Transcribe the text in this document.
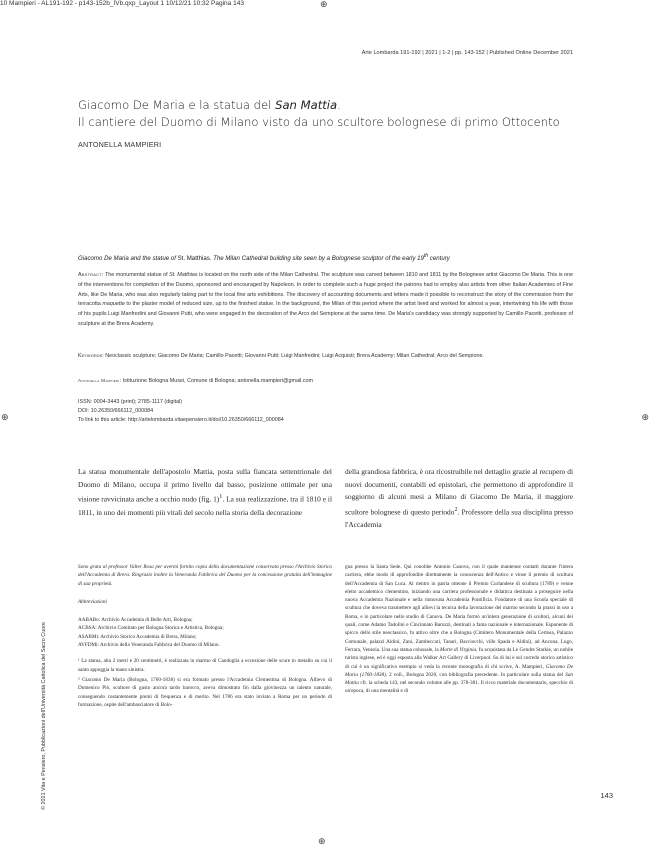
10 Mampieri - AL191-192 - p143-152b_IVb.qxp_Layout 1 10/12/21 10:32 Pagina 143	⊕
⊕	⊕
⊕
Arte Lombarda 191-192 | 2021 | 1-2 | pp. 143-152 | Published Online December 2021
Giacomo De Maria e la statua del San Mattia.
Il cantiere del Duomo di Milano visto da uno scultore bolognese di primo Ottocento
ANTONELLA MAMPIERI
Giacomo De Maria and the statue of St. Matthias. The Milan Cathedral building site seen by a Bolognese sculptor of the early 19th century
Abstract: The monumental statue of St. Matthias is located on the north side of the Milan Cathedral. The sculpture was carved between 1810 and 1811 by the Bolognese artist Giacomo De Maria. This is one of the interventions for completion of the Duomo, sponsored and encouraged by Napoleon. In order to complete such a huge project the patrons had to employ also artists from other Italian Academies of Fine Arts, like De Maria, who was also regularly taking part to the local fine arts exhibitions. The discovery of accounting documents and letters made it possible to reconstruct the story of the commission from the terracotta maquette to the plaster model of reduced size, up to the finished statue. In the background, the Milan of this period where the artist lived and worked for almost a year, intertwining his life with those of his pupils Luigi Manfredini and Giovanni Putti, who were engaged in the decoration of the Arco del Sempione at the same time. De Maria's candidacy was strongly supported by Camillo Pacetti, professor of sculpture at the Brera Academy.
Keywords: Neoclassic sculpture; Giacomo De Maria; Camillo Pacetti; Giovanni Putti; Luigi Manfredini; Luigi Acquisti; Brera Academy; Milan Cathedral; Arco del Sempione.
Antonella Mampieri: Istituzione Bologna Musei, Comune di Bologna; antonella.mampieri@gmail.com
ISSN: 0004-3443 (print); 2785-1117 (digital)
DOI: 10.26350/666112_000084
To link to this article: http://artelombarda.vitaepensiero.it/doi/10.26350/666112_000084
La statua monumentale dell'apostolo Mattia, posta sulla fiancata settentrionale del Duomo di Milano, occupa il primo livello dal basso, posizione ottimale per una visione ravvicinata anche a occhio nudo (fig. 1)$^1$. La sua realizzazione, tra il 1810 e il 1811, in uno dei momenti più vitali del secolo nella storia della decorazione
della grandiosa fabbrica, è ora ricostruibile nel dettaglio grazie al recupero di nuovi documenti, contabili ed epistolari, che permettono di approfondire il soggiorno di alcuni mesi a Milano di Giacomo De Maria, il maggiore scultore bolognese di questo periodo$^2$. Professore della sua disciplina presso l'Accademia

Sono grata al professor Valter Rosa per avermi fornito copia della documentazione conservata presso l'Archivio Storico dell'Accademia di Brera. Ringrazio inoltre la Veneranda Fabbrica del Duomo per la concessione gratuita dell'immagine di sua proprietà.

Abbreviazioni

AABABo: Archivio Accademia di Belle Arti, Bologna;

ACBSA: Archivio Comitato per Bologna Storica e Artistica, Bologna;

ASABMi: Archivio Storico Accademia di Brera, Milano;

AVFDMi: Archivio della Veneranda Fabbrica del Duomo di Milano.

¹ La statua, alta 2 metri e 20 centimetri, è realizzata in marmo di Candoglia a eccezione delle scure in metallo su cui il santo appoggia la mano sinistra.

² Giacomo De Maria (Bologna, 1760-1838) si era formato presso l'Accademia Clementina di Bologna. Allievo di Domenico Piò, scultore di gusto ancora tardo barocco, aveva dimostrato fin dalla giovinezza un talento naturale, conseguendo costantemente premi di frequenza e di merito. Nel 1786 era stato inviato a Roma per un periodo di formazione, ospite dell'ambasciatore di Bolo-

gna presso la Santa Sede. Qui conobbe Antonio Canova, con il quale mantenne contatti durante l'intera carriera, ebbe modo di approfondire direttamente la conoscenza dell'Antico e vinse il premio di scultura dell'Accademia di San Luca. Al rientro in patria ottenne il Premio Curlandese di scultura (1789) e venne eletto accademico clementino, iniziando una carriera professionale e didattica destinata a proseguire nella nuova Accademia Nazionale e nella rinnovata Accademia Pontificia. Fondatore di una Scuola speciale di scultura che doveva trasmettere agli allievi la tecnica della lavorazione del marmo secondo la prassi in uso a Roma, e in particolare nello studio di Canova. De Maria formò un'intera generazione di scultori, alcuni dei quali, come Adamo Tadolini e Cincinnato Baruzzi, destinati a fama nazionale e internazionale. Esponente di spicco dello stile neoclassico, fu attivo oltre che a Bologna (Cimitero Monumentale della Certosa, Palazzo Comunale, palazzi Aldini, Zani, Zambeccari, Tanari, Bacciocchi, ville Spada e Aldini), ad Ancona, Lugo, Ferrara, Venezia. Una sua statua colossale, la Morte di Virginia, fu acquistata da Le Gendre Starkie, un nobile turista inglese, ed è oggi esposta alla Walker Art Gallery di Liverpool. Su di lui e sul corredo storico artistico di cui è un significativo esempio si veda la recente monografia di chi scrive, A. Mampieri, Giacomo De Maria (1760-1838), 2 voll., Bologna 2020, con bibliografia precedente. In particolare sulla statua del San Mattia cfr. la scheda 143, nel secondo volume alle pp. 378-381. Il ricco materiale documentario, specchio di un'epoca, di una mentalità e di
© 2021 Vita e Pensiero, Pubblicazioni dell'Università Cattolica del Sacro Cuore	143
